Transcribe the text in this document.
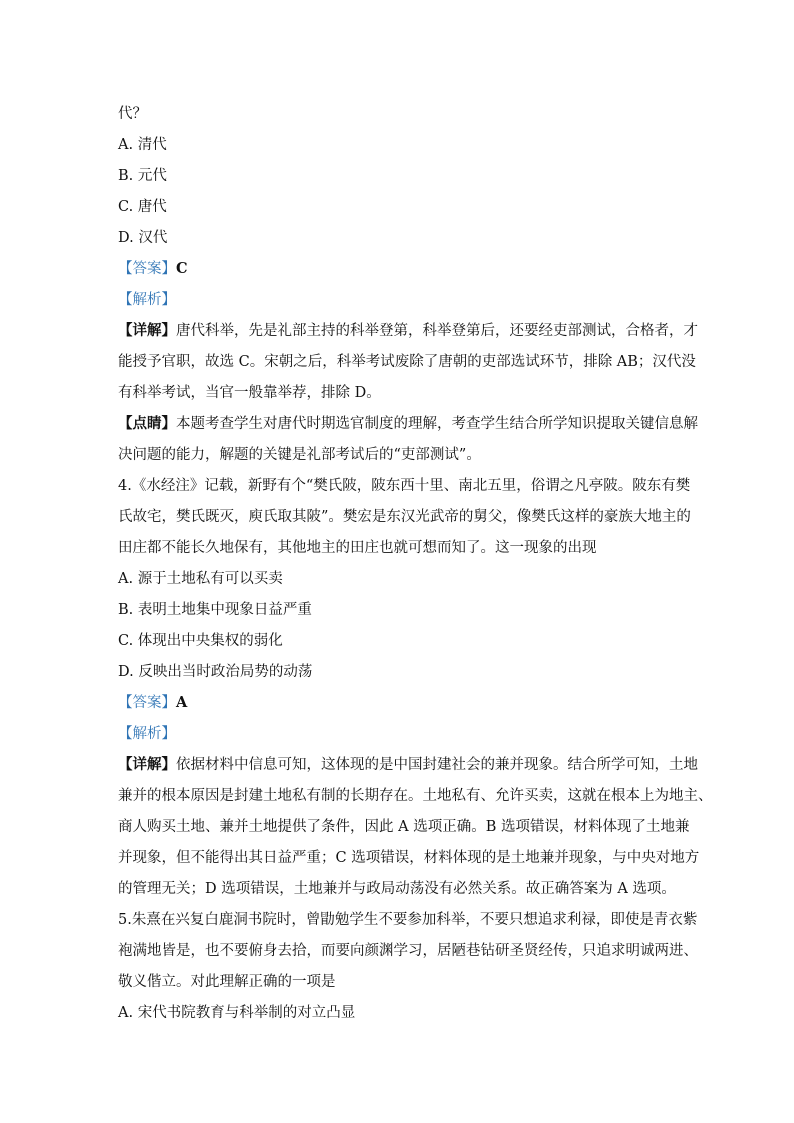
代？
A. 清代
B. 元代
C. 唐代
D. 汉代
【答案】C
【解析】
【详解】唐代科举，先是礼部主持的科举登第，科举登第后，还要经吏部测试，合格者，才
能授予官职，故选 C。宋朝之后，科举考试废除了唐朝的吏部选试环节，排除 AB；汉代没
有科举考试，当官一般靠举荐，排除 D。
【点睛】本题考查学生对唐代时期选官制度的理解，考查学生结合所学知识提取关键信息解
决问题的能力，解题的关键是礼部考试后的“吏部测试”。
4.《水经注》记载，新野有个“樊氏陂，陂东西十里、南北五里，俗谓之凡亭陂。陂东有樊
氏故宅，樊氏既灭，庾氏取其陂”。樊宏是东汉光武帝的舅父，像樊氏这样的豪族大地主的
田庄都不能长久地保有，其他地主的田庄也就可想而知了。这一现象的出现
A. 源于土地私有可以买卖
B. 表明土地集中现象日益严重
C. 体现出中央集权的弱化
D. 反映出当时政治局势的动荡
【答案】A
【解析】
【详解】依据材料中信息可知，这体现的是中国封建社会的兼并现象。结合所学可知，土地
兼并的根本原因是封建土地私有制的长期存在。土地私有、允许买卖，这就在根本上为地主、
商人购买土地、兼并土地提供了条件，因此 A 选项正确。B 选项错误，材料体现了土地兼
并现象，但不能得出其日益严重；C 选项错误，材料体现的是土地兼并现象，与中央对地方
的管理无关；D 选项错误，土地兼并与政局动荡没有必然关系。故正确答案为 A 选项。
5.朱熹在兴复白鹿洞书院时，曾勖勉学生不要参加科举，不要只想追求利禄，即使是青衣紫
袍满地皆是，也不要俯身去拾，而要向颜渊学习，居陋巷钻研圣贤经传，只追求明诚两进、
敬义偕立。对此理解正确的一项是
A. 宋代书院教育与科举制的对立凸显
